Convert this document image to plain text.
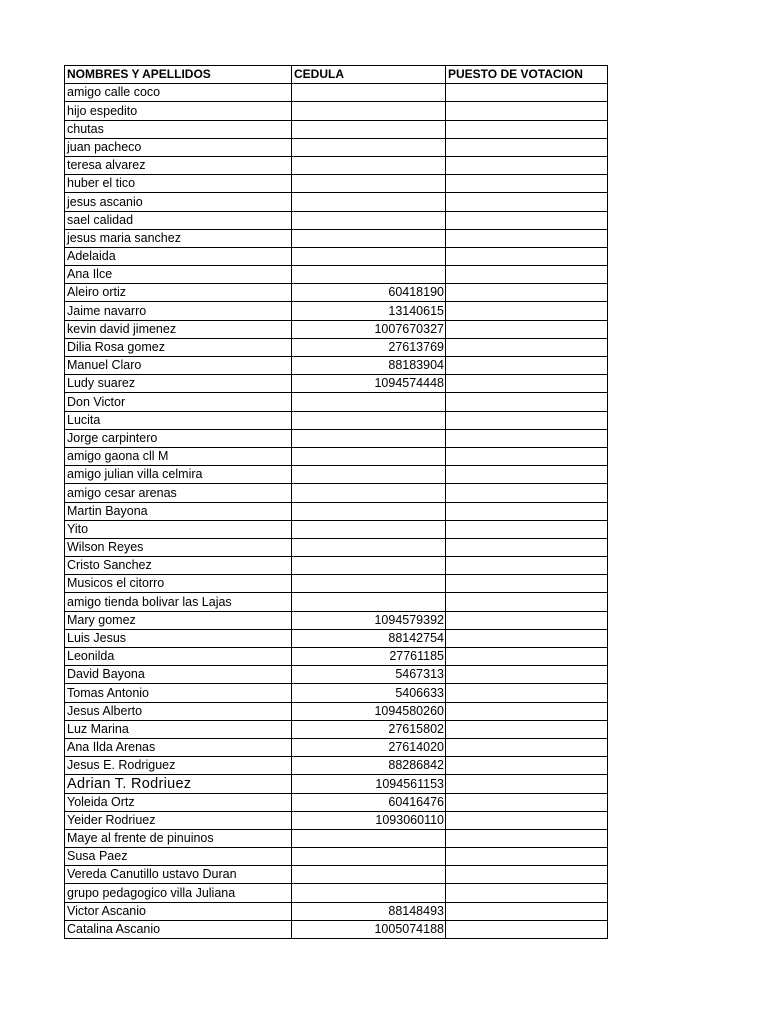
NOMBRES Y APELLIDOS	CEDULA	PUESTO DE VOTACION
amigo calle coco		
hijo espedito		
chutas		
juan pacheco		
teresa alvarez		
huber el tico		
jesus ascanio		
sael calidad		
jesus maria sanchez		
Adelaida		
Ana Ilce		
Aleiro ortiz	60418190	
Jaime navarro	13140615	
kevin david jimenez	1007670327	
Dilia Rosa gomez	27613769	
Manuel Claro	88183904	
Ludy suarez	1094574448	
Don Victor		
Lucita		
Jorge carpintero		
amigo gaona cll M		
amigo julian villa celmira		
amigo cesar arenas		
Martin Bayona		
Yito		
Wilson Reyes		
Cristo Sanchez		
Musicos el citorro		
amigo tienda bolivar las Lajas		
Mary gomez	1094579392	
Luis Jesus	88142754	
Leonilda	27761185	
David Bayona	5467313	
Tomas Antonio	5406633	
Jesus Alberto	1094580260	
Luz Marina	27615802	
Ana Ilda Arenas	27614020	
Jesus E. Rodriguez	88286842	
Adrian T. Rodriuez	1094561153	
Yoleida Ortz	60416476	
Yeider Rodriuez	1093060110	
Maye al frente de pinuinos		
Susa Paez		
Vereda Canutillo ustavo Duran		
grupo pedagogico villa Juliana		
Victor Ascanio	88148493	
Catalina Ascanio	1005074188	
